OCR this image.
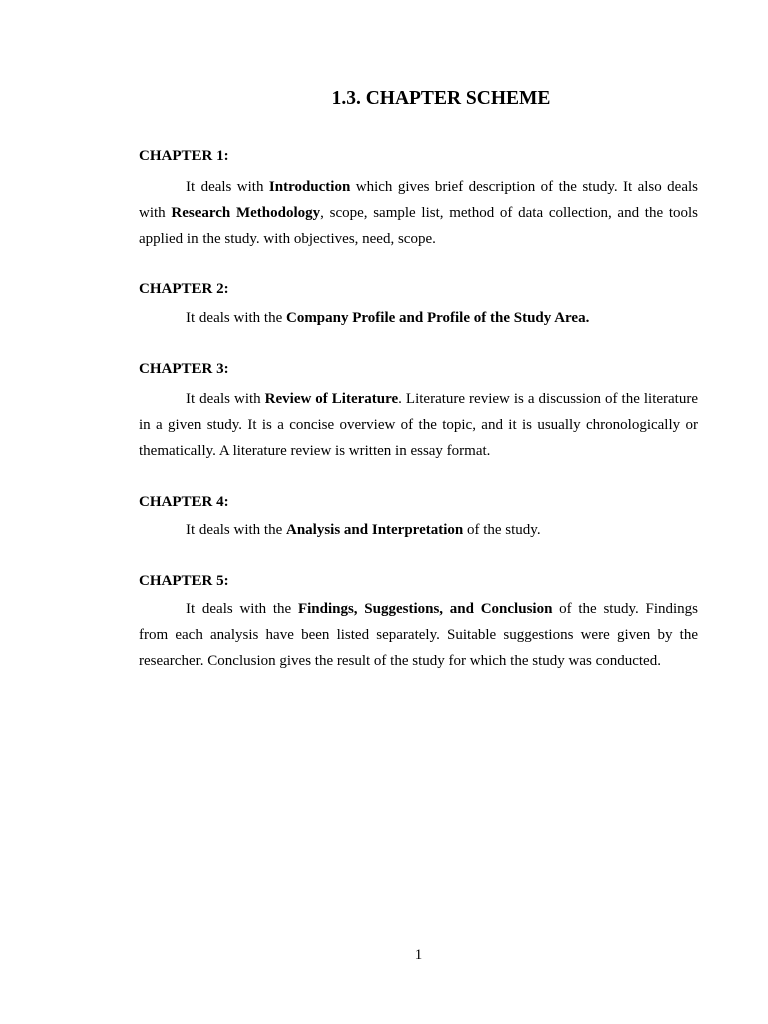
1.3. CHAPTER SCHEME
CHAPTER 1:

It deals with Introduction which gives brief description of the study. It also deals with Research Methodology, scope, sample list, method of data collection, and the tools applied in the study. with objectives, need, scope.

CHAPTER 2:

It deals with the Company Profile and Profile of the Study Area.

CHAPTER 3:

It deals with Review of Literature. Literature review is a discussion of the literature in a given study. It is a concise overview of the topic, and it is usually chronologically or thematically. A literature review is written in essay format.

CHAPTER 4:

It deals with the Analysis and Interpretation of the study.

CHAPTER 5:

It deals with the Findings, Suggestions, and Conclusion of the study. Findings from each analysis have been listed separately. Suitable suggestions were given by the researcher. Conclusion gives the result of the study for which the study was conducted.

1
